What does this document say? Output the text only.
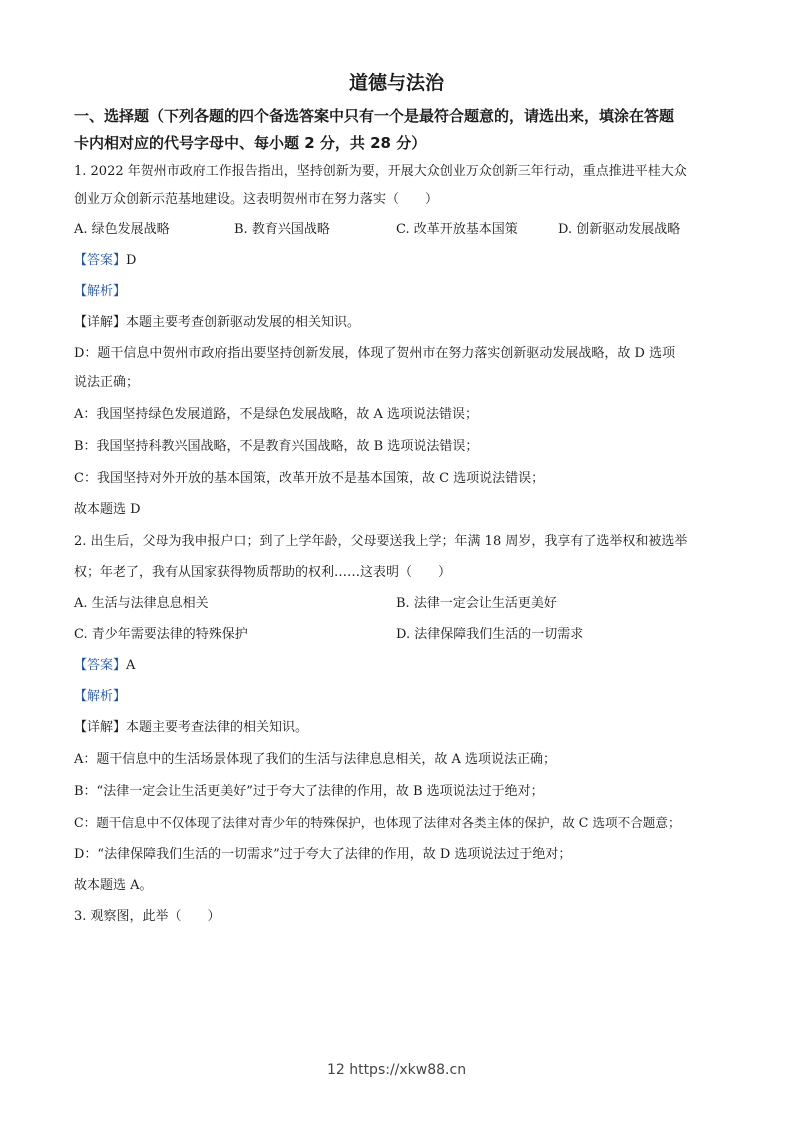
道德与法治
一、选择题（下列各题的四个备选答案中只有一个是最符合题意的，请选出来，填涂在答题
卡内相对应的代号字母中、每小题 2 分，共 28 分）
1. 2022 年贺州市政府工作报告指出，坚持创新为要，开展大众创业万众创新三年行动，重点推进平桂大众
创业万众创新示范基地建设。这表明贺州市在努力落实（　　）
A. 绿色发展战略	B. 教育兴国战略	C. 改革开放基本国策	D. 创新驱动发展战略
【答案】D
【解析】
【详解】本题主要考查创新驱动发展的相关知识。
D：题干信息中贺州市政府指出要坚持创新发展，体现了贺州市在努力落实创新驱动发展战略，故 D 选项
说法正确；
A：我国坚持绿色发展道路，不是绿色发展战略，故 A 选项说法错误；
B：我国坚持科教兴国战略，不是教育兴国战略，故 B 选项说法错误；
C：我国坚持对外开放的基本国策，改革开放不是基本国策，故 C 选项说法错误；
故本题选 D
2. 出生后，父母为我申报户口；到了上学年龄，父母要送我上学；年满 18 周岁，我享有了选举权和被选举
权；年老了，我有从国家获得物质帮助的权利……这表明（　　）
A. 生活与法律息息相关	B. 法律一定会让生活更美好
C. 青少年需要法律的特殊保护	D. 法律保障我们生活的一切需求
【答案】A
【解析】
【详解】本题主要考查法律的相关知识。
A：题干信息中的生活场景体现了我们的生活与法律息息相关，故 A 选项说法正确；
B：“法律一定会让生活更美好”过于夸大了法律的作用，故 B 选项说法过于绝对；
C：题干信息中不仅体现了法律对青少年的特殊保护，也体现了法律对各类主体的保护，故 C 选项不合题意；
D：“法律保障我们生活的一切需求”过于夸大了法律的作用，故 D 选项说法过于绝对；
故本题选 A。
3. 观察图，此举（　　）
12 https://xkw88.cn
